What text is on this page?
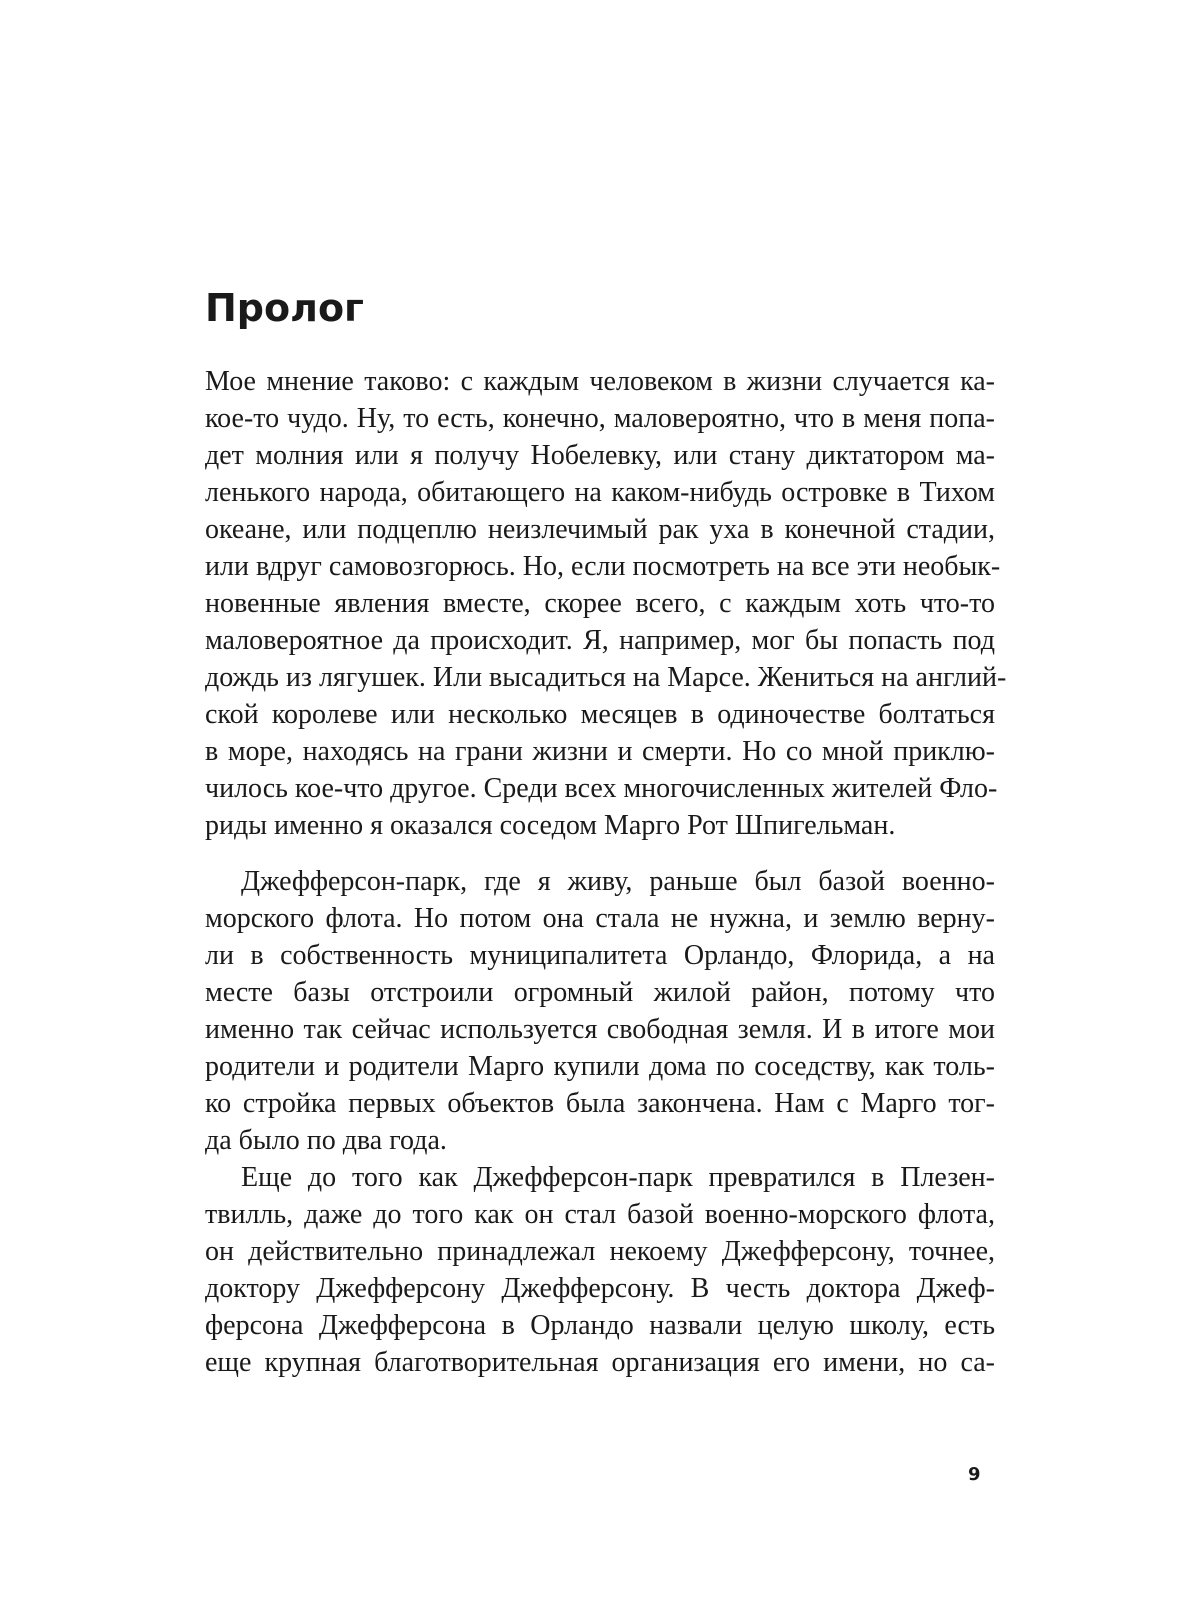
Пролог
Мое мнение таково: с каждым человеком в жизни случается ка-
кое-то чудо. Ну, то есть, конечно, маловероятно, что в меня попа-
дет молния или я получу Нобелевку, или стану диктатором ма-
ленького народа, обитающего на каком-нибудь островке в Тихом
океане, или подцеплю неизлечимый рак уха в конечной стадии,
или вдруг самовозгорюсь. Но, если посмотреть на все эти необык-
новенные явления вместе, скорее всего, с каждым хоть что-то
маловероятное да происходит. Я, например, мог бы попасть под
дождь из лягушек. Или высадиться на Марсе. Жениться на англий-
ской королеве или несколько месяцев в одиночестве болтаться
в море, находясь на грани жизни и смерти. Но со мной приклю-
чилось кое-что другое. Среди всех многочисленных жителей Фло-
риды именно я оказался соседом Марго Рот Шпигельман.
Джефферсон-парк, где я живу, раньше был базой военно-
морского флота. Но потом она стала не нужна, и землю верну-
ли в собственность муниципалитета Орландо, Флорида, а на
месте базы отстроили огромный жилой район, потому что
именно так сейчас используется свободная земля. И в итоге мои
родители и родители Марго купили дома по соседству, как толь-
ко стройка первых объектов была закончена. Нам с Марго тог-
да было по два года.
Еще до того как Джефферсон-парк превратился в Плезен-
твилль, даже до того как он стал базой военно-морского флота,
он действительно принадлежал некоему Джефферсону, точнее,
доктору Джефферсону Джефферсону. В честь доктора Джеф-
ферсона Джефферсона в Орландо назвали целую школу, есть
еще крупная благотворительная организация его имени, но са-
9
